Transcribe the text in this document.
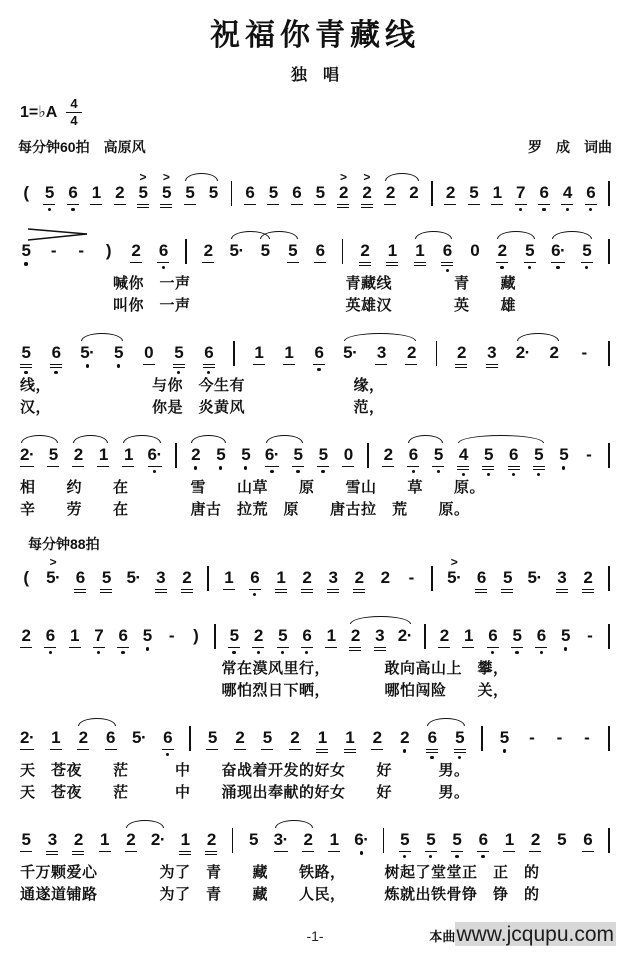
祝福你青藏线
独　唱
1=♭A $\frac{4}{4}$
每分钟60拍　高原风	罗　成　词曲
( 5 6 1 2
>
5
>
5 5 5 6 5 6 5
>
2
>
2 2 2 2 5 1 7 6 4 6
5 - - ) 2 6 2 5· 5 5 6 2 1 1 6 0 2 5 6· 5
　　　　　　喊你　一声　　　　　　　　　　青藏线　　　　青　　藏
　　　　　　叫你　一声　　　　　　　　　　英雄汉　　　　英　　雄
5 6 5· 5 0 5 6 1 1 6 5· 3 2 2 3 2· 2 -
线，　　　　　　　与你　今生有　　　　　　　缘，
汉，　　　　　　　你是　炎黄风　　　　　　　范，
2· 5 2 1 1 6· 2 5 5 6· 5 5 0 2 6 5 4 5 6 5 5 -
相　　约　　在　　　　雪　　山草　　原　　雪山　　草　　原。
辛　　劳　　在　　　　唐古　拉荒　原　　唐古拉　荒　　原。
每分钟88拍
(
>
5· 6 5 5· 3 2 1 6 1 2 3 2 2 -
>
5· 6 5 5· 3 2
2 6 1 7 6 5 - ) 5 2 5 6 1 2 3 2· 2 1 6 5 6 5 -
　　　　　　　　　　　　　常在漠风里行，　　　　敢向高山上　攀，
　　　　　　　　　　　　　哪怕烈日下晒，　　　　哪怕闯险　　关，
2· 1 2 6 5· 6 5 2 5 2 1 1 2 2 6 5 5 - - -
天　苍夜　　茫　　　中　　奋战着开发的好女　　好　　　男。
天　苍夜　　茫　　　中　　涌现出奉献的好女　　好　　　男。
5 3 2 1 2 2· 1 2 5 3· 2 1 6· 5 5 5 6 1 2 5 6
千万颗爱心　　　　为了　青　　藏　　铁路，　　　树起了堂堂正　正　的
通遂道铺路　　　　为了　青　　藏　　人民，　　　炼就出铁骨铮　铮　的
-1-	本曲 www.jcqupu.com
